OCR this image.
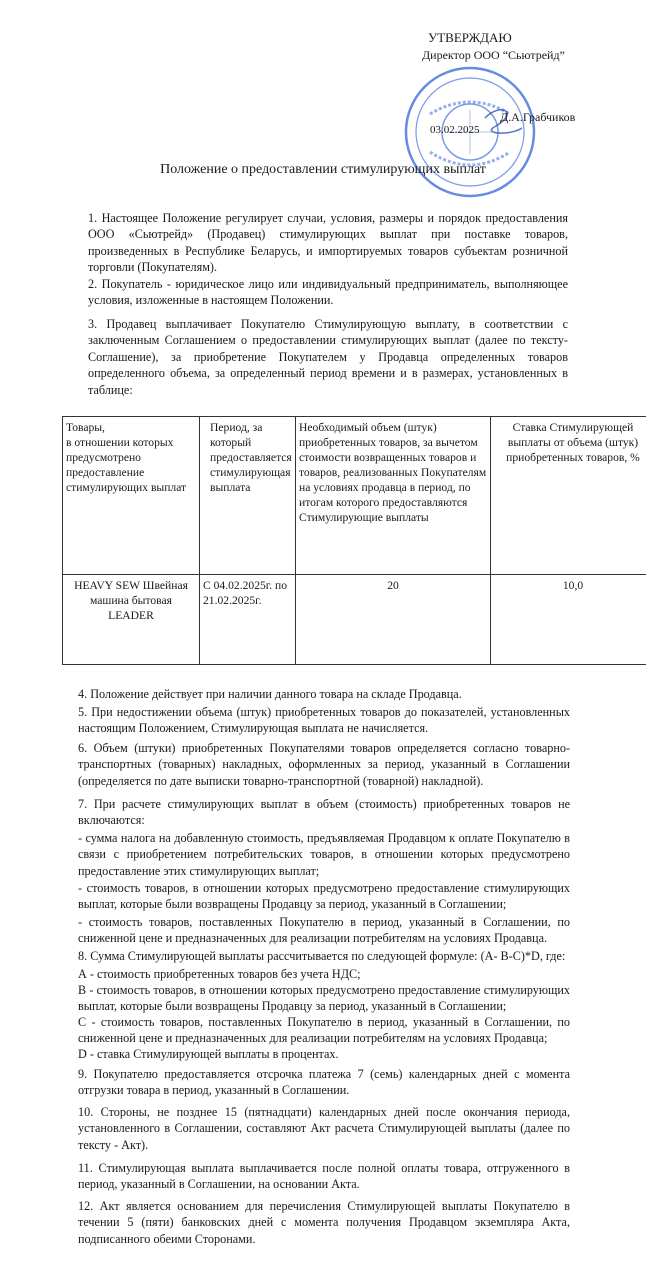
УТВЕРЖДАЮ
Директор ООО “Сьютрейд”
Д.А.Грабчиков
03.02.2025
Положение о предоставлении стимулирующих выплат

1. Настоящее Положение регулирует случаи, условия, размеры и порядок предоставления ООО «Сьютрейд» (Продавец) стимулирующих выплат при поставке товаров, произведенных в Республике Беларусь, и импортируемых товаров субъектам розничной торговли (Покупателям).

2. Покупатель - юридическое лицо или индивидуальный предприниматель, выполняющее условия, изложенные в настоящем Положении.

3. Продавец выплачивает Покупателю Стимулирующую выплату, в соответствии с заключенным Соглашением о предоставлении стимулирующих выплат (далее по тексту- Соглашение), за приобретение Покупателем у Продавца определенных товаров определенного объема, за определенный период времени и в размерах, установленных в таблице:

Товары,
в отношении которых предусмотрено предоставление стимулирующих выплат	Период, за который предоставляется стимулирующая выплата	Необходимый объем (штук) приобретенных товаров, за вычетом стоимости возвращенных товаров и товаров, реализованных Покупателям на условиях продавца в период, по итогам которого предоставляются Стимулирующие выплаты	Ставка Стимулирующей выплаты от объема (штук) приобретенных товаров, %
HEAVY SEW Швейная машина бытовая LEADER	С 04.02.2025г. по 21.02.2025г.	20	10,0

4. Положение действует при наличии данного товара на складе Продавца.

5. При недостижении объема (штук) приобретенных товаров до показателей, установленных настоящим Положением, Стимулирующая выплата не начисляется.

6. Объем (штуки) приобретенных Покупателями товаров определяется согласно товарно-транспортных (товарных) накладных, оформленных за период, указанный в Соглашении (определяется по дате выписки товарно-транспортной (товарной) накладной).

7. При расчете стимулирующих выплат в объем (стоимость) приобретенных товаров не включаются:

- сумма налога на добавленную стоимость, предъявляемая Продавцом к оплате Покупателю в связи с приобретением потребительских товаров, в отношении которых предусмотрено предоставление этих стимулирующих выплат;

- стоимость товаров, в отношении которых предусмотрено предоставление стимулирующих выплат, которые были возвращены Продавцу за период, указанный в Соглашении;

- стоимость товаров, поставленных Покупателю в период, указанный в Соглашении, по сниженной цене и предназначенных для реализации потребителям на условиях Продавца.

8. Сумма Стимулирующей выплаты рассчитывается по следующей формуле: (А- В-С)*D, где:

А - стоимость приобретенных товаров без учета НДС;

В - стоимость товаров, в отношении которых предусмотрено предоставление стимулирующих выплат, которые были возвращены Продавцу за период, указанный в Соглашении;

С - стоимость товаров, поставленных Покупателю в период, указанный в Соглашении, по сниженной цене и предназначенных для реализации потребителям на условиях Продавца;

D - ставка Стимулирующей выплаты в процентах.

9. Покупателю предоставляется отсрочка платежа 7 (семь) календарных дней с момента отгрузки товара в период, указанный в Соглашении.

10. Стороны, не позднее 15 (пятнадцати) календарных дней после окончания периода, установленного в Соглашении, составляют Акт расчета Стимулирующей выплаты (далее по тексту - Акт).

11. Стимулирующая выплата выплачивается после полной оплаты товара, отгруженного в период, указанный в Соглашении, на основании Акта.

12. Акт является основанием для перечисления Стимулирующей выплаты Покупателю в течении 5 (пяти) банковских дней с момента получения Продавцом экземпляра Акта, подписанного обеими Сторонами.
